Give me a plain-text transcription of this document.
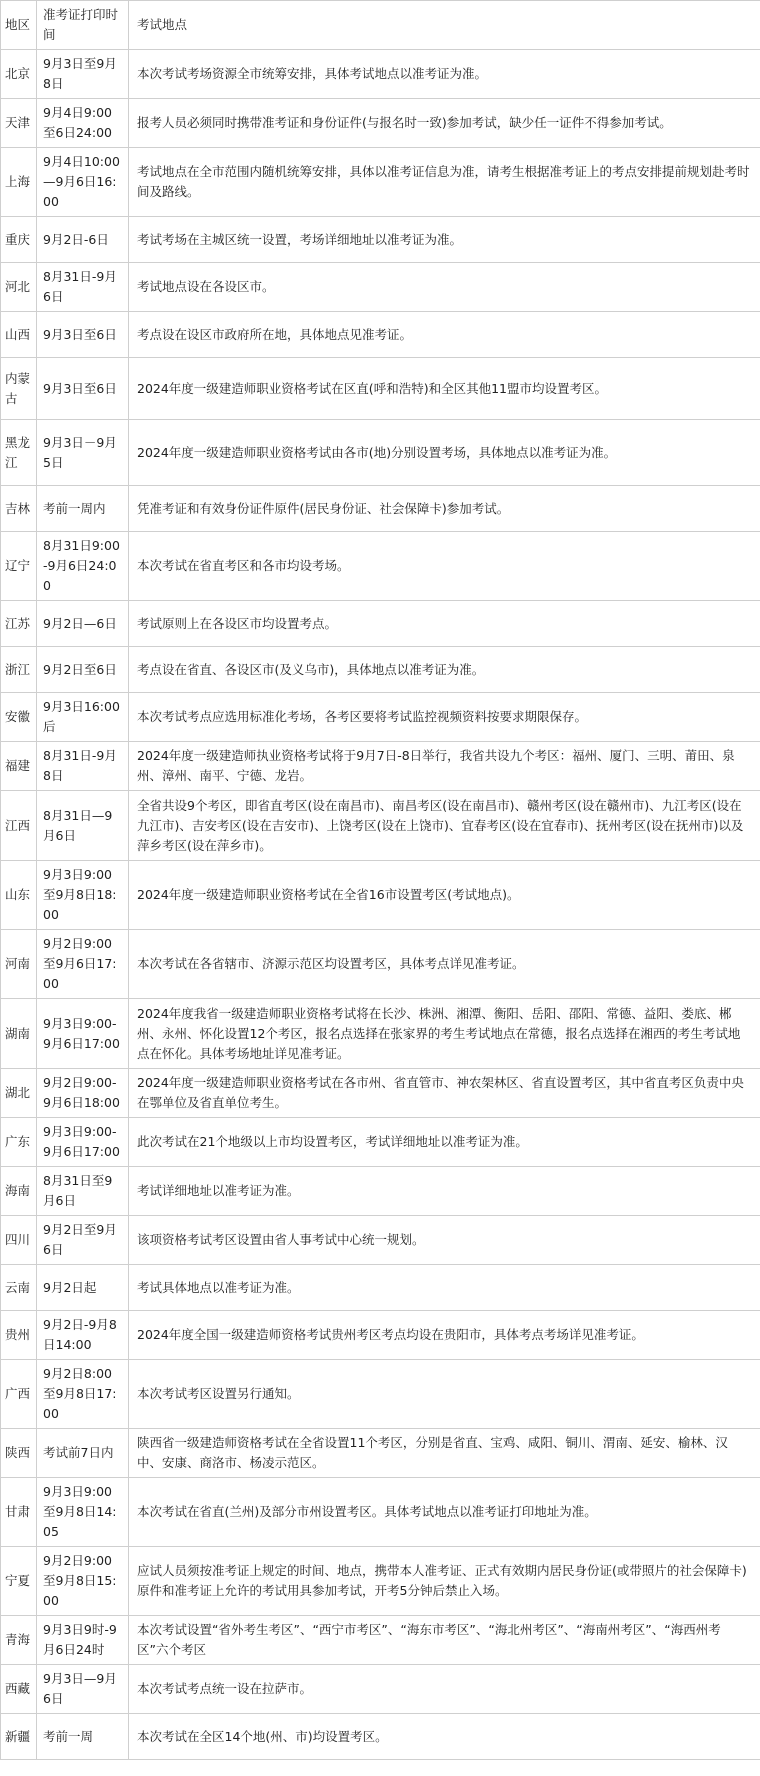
地区	准考证打印时间	考试地点
北京	9月3日至9月8日	本次考试考场资源全市统筹安排，具体考试地点以准考证为准。
天津	9月4日9:00至6日24:00	报考人员必须同时携带准考证和身份证件(与报名时一致)参加考试，缺少任一证件不得参加考试。
上海	9月4日10:00—9月6日16:00	考试地点在全市范围内随机统筹安排，具体以准考证信息为准，请考生根据准考证上的考点安排提前规划赴考时间及路线。
重庆	9月2日-6日	考试考场在主城区统一设置，考场详细地址以准考证为准。
河北	8月31日-9月6日	考试地点设在各设区市。
山西	9月3日至6日	考点设在设区市政府所在地，具体地点见准考证。
内蒙古	9月3日至6日	2024年度一级建造师职业资格考试在区直(呼和浩特)和全区其他11盟市均设置考区。
黑龙江	9月3日－9月5日	2024年度一级建造师职业资格考试由各市(地)分别设置考场，具体地点以准考证为准。
吉林	考前一周内	凭准考证和有效身份证件原件(居民身份证、社会保障卡)参加考试。
辽宁	8月31日9:00-9月6日24:00	本次考试在省直考区和各市均设考场。
江苏	9月2日—6日	考试原则上在各设区市均设置考点。
浙江	9月2日至6日	考点设在省直、各设区市(及义乌市)，具体地点以准考证为准。
安徽	9月3日16:00后	本次考试考点应选用标准化考场，各考区要将考试监控视频资料按要求期限保存。
福建	8月31日-9月8日	2024年度一级建造师执业资格考试将于9月7日-8日举行，我省共设九个考区：福州、厦门、三明、莆田、泉州、漳州、南平、宁德、龙岩。
江西	8月31日—9月6日	全省共设9个考区，即省直考区(设在南昌市)、南昌考区(设在南昌市)、赣州考区(设在赣州市)、九江考区(设在九江市)、吉安考区(设在吉安市)、上饶考区(设在上饶市)、宜春考区(设在宜春市)、抚州考区(设在抚州市)以及萍乡考区(设在萍乡市)。
山东	9月3日9:00至9月8日18:00	2024年度一级建造师职业资格考试在全省16市设置考区(考试地点)。
河南	9月2日9:00至9月6日17:00	本次考试在各省辖市、济源示范区均设置考区，具体考点详见准考证。
湖南	9月3日9:00-9月6日17:00	2024年度我省一级建造师职业资格考试将在长沙、株洲、湘潭、衡阳、岳阳、邵阳、常德、益阳、娄底、郴州、永州、怀化设置12个考区，报名点选择在张家界的考生考试地点在常德，报名点选择在湘西的考生考试地点在怀化。具体考场地址详见准考证。
湖北	9月2日9:00-9月6日18:00	2024年度一级建造师职业资格考试在各市州、省直管市、神农架林区、省直设置考区，其中省直考区负责中央在鄂单位及省直单位考生。
广东	9月3日9:00-9月6日17:00	此次考试在21个地级以上市均设置考区，考试详细地址以准考证为准。
海南	8月31日至9月6日	考试详细地址以准考证为准。
四川	9月2日至9月6日	该项资格考试考区设置由省人事考试中心统一规划。
云南	9月2日起	考试具体地点以准考证为准。
贵州	9月2日-9月8日14:00	2024年度全国一级建造师资格考试贵州考区考点均设在贵阳市，具体考点考场详见准考证。
广西	9月2日8:00至9月8日17:00	本次考试考区设置另行通知。
陕西	考试前7日内	陕西省一级建造师资格考试在全省设置11个考区，分别是省直、宝鸡、咸阳、铜川、渭南、延安、榆林、汉中、安康、商洛市、杨凌示范区。
甘肃	9月3日9:00至9月8日14:05	本次考试在省直(兰州)及部分市州设置考区。具体考试地点以准考证打印地址为准。
宁夏	9月2日9:00至9月8日15:00	应试人员须按准考证上规定的时间、地点，携带本人准考证、正式有效期内居民身份证(或带照片的社会保障卡)原件和准考证上允许的考试用具参加考试，开考5分钟后禁止入场。
青海	9月3日9时-9月6日24时	本次考试设置“省外考生考区”、“西宁市考区”、“海东市考区”、“海北州考区”、“海南州考区”、“海西州考区”六个考区
西藏	9月3日—9月6日	本次考试考点统一设在拉萨市。
新疆	考前一周	本次考试在全区14个地(州、市)均设置考区。
